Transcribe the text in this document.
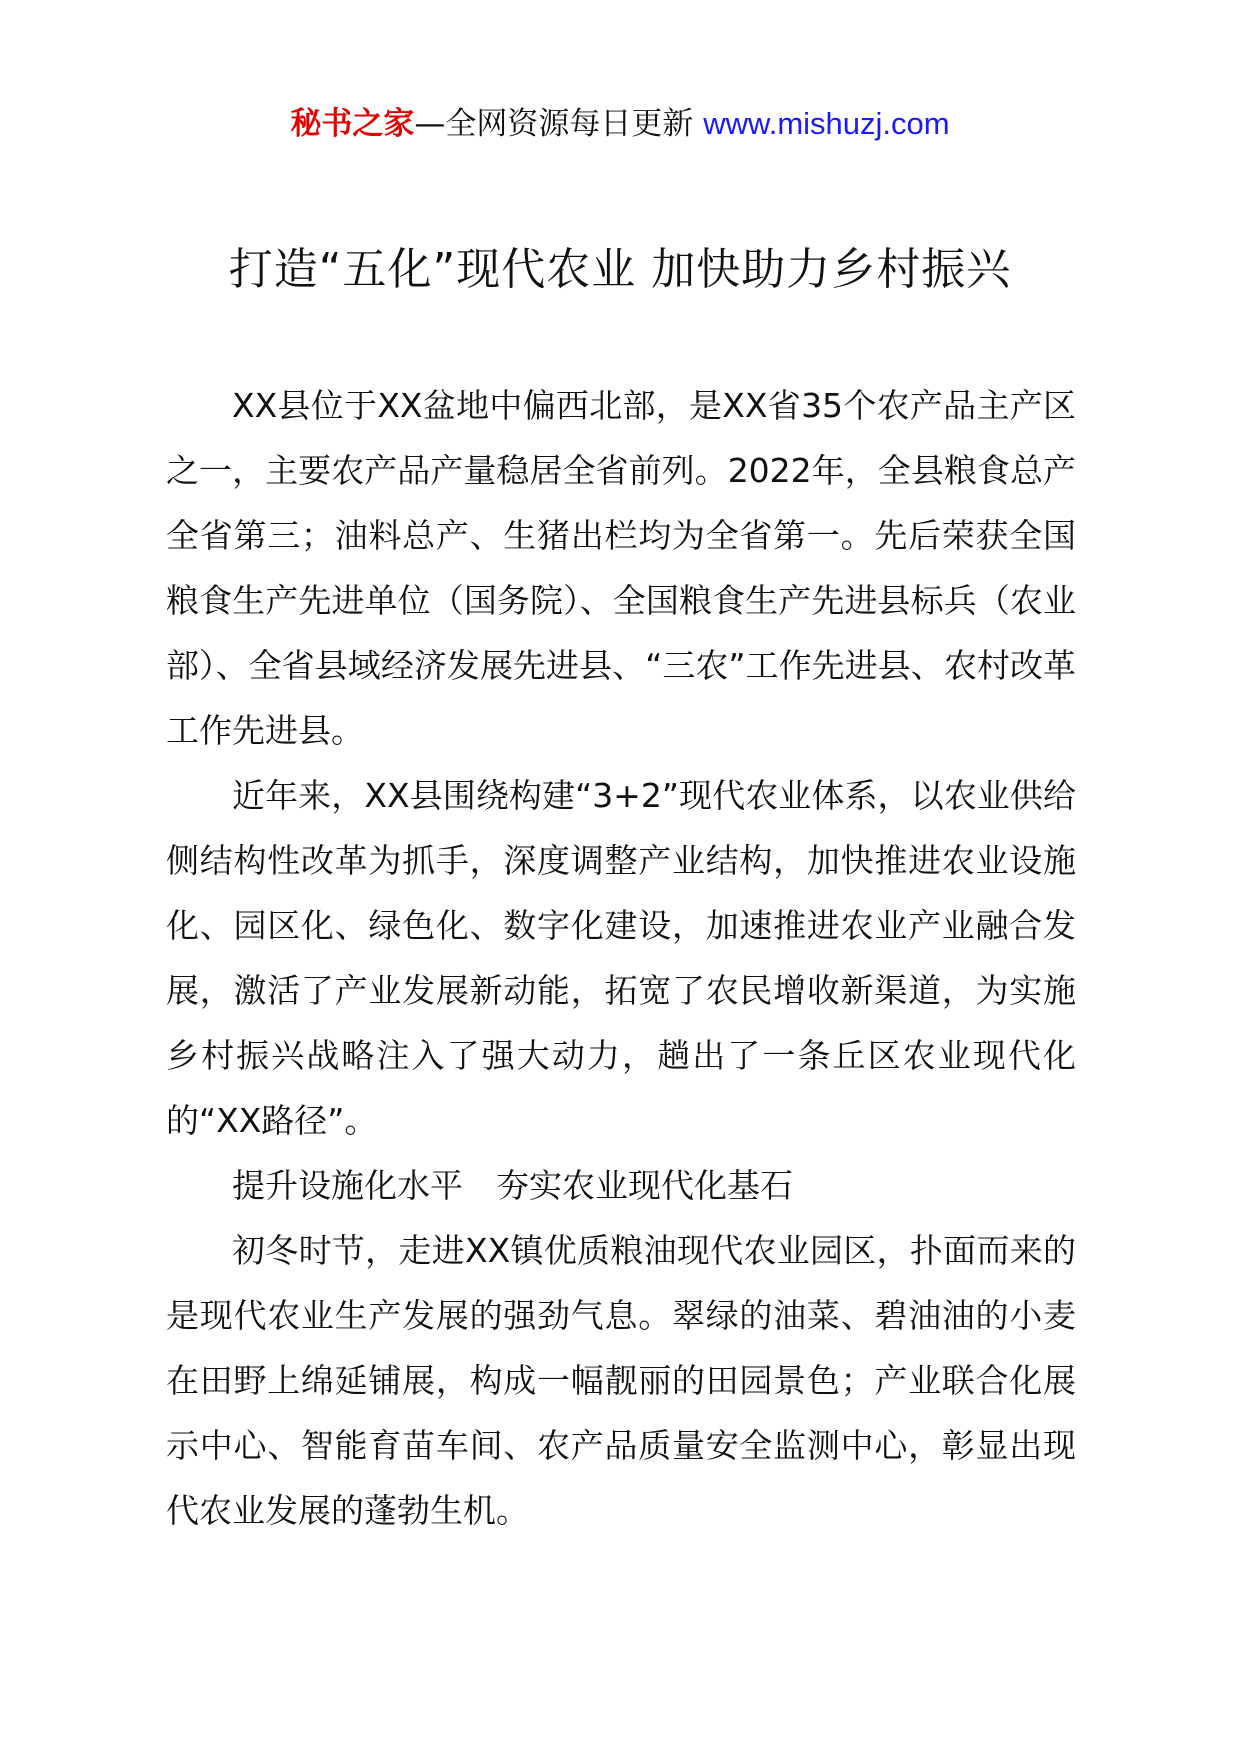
秘书之家—全网资源每日更新 www.mishuzj.com
打造“五化”现代农业 加快助力乡村振兴

XX县位于XX盆地中偏西北部，是XX省35个农产品主产区之一，主要农产品产量稳居全省前列。2022年，全县粮食总产全省第三；油料总产、生猪出栏均为全省第一。先后荣获全国粮食生产先进单位（国务院）、全国粮食生产先进县标兵（农业部）、全省县域经济发展先进县、“三农”工作先进县、农村改革工作先进县。

近年来，XX县围绕构建“3+2”现代农业体系，以农业供给侧结构性改革为抓手，深度调整产业结构，加快推进农业设施化、园区化、绿色化、数字化建设，加速推进农业产业融合发展，激活了产业发展新动能，拓宽了农民增收新渠道，为实施乡村振兴战略注入了强大动力，趟出了一条丘区农业现代化的“XX路径”。

提升设施化水平　夯实农业现代化基石

初冬时节，走进XX镇优质粮油现代农业园区，扑面而来的是现代农业生产发展的强劲气息。翠绿的油菜、碧油油的小麦在田野上绵延铺展，构成一幅靓丽的田园景色；产业联合化展示中心、智能育苗车间、农产品质量安全监测中心，彰显出现代农业发展的蓬勃生机。
